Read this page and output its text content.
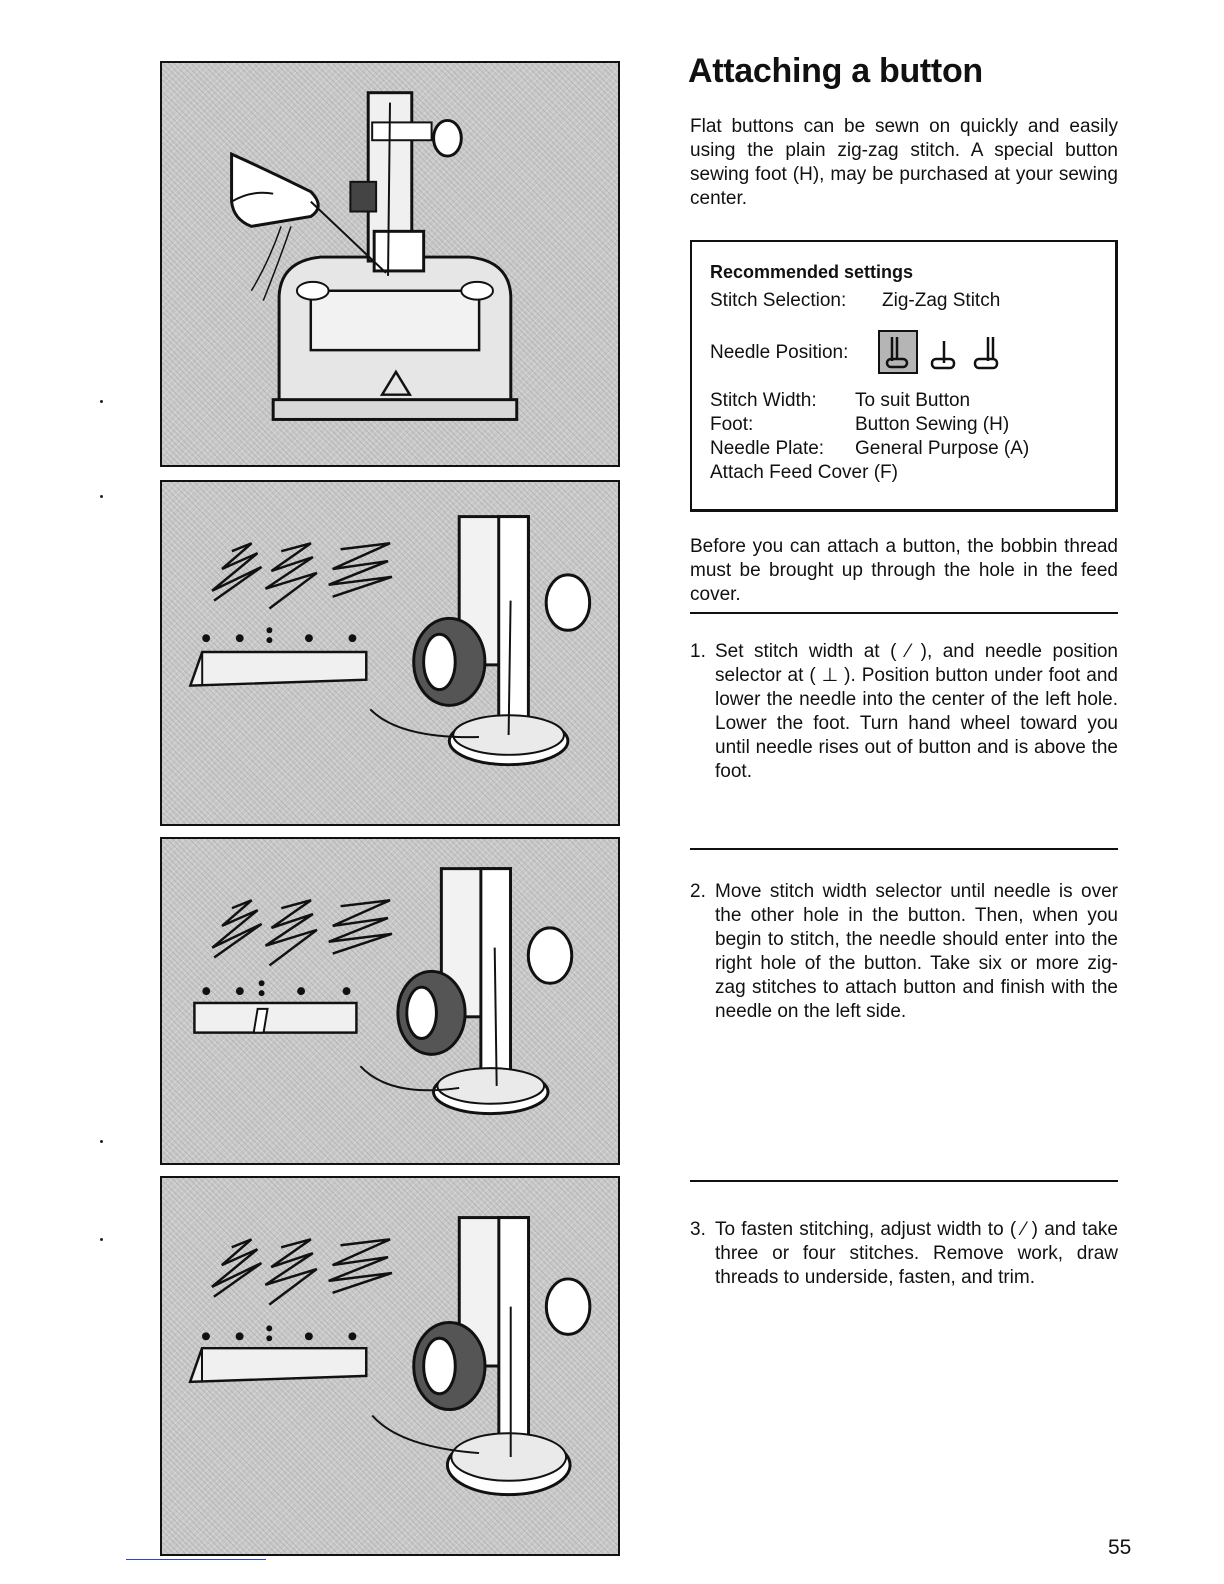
Attaching a button

Flat buttons can be sewn on quickly and easily using the plain zig-zag stitch. A special button sewing foot (H), may be purchased at your sewing center.

Recommended settings
Stitch Selection: Zig-Zag Stitch
Needle Position:
Stitch Width: To suit Button
Foot:	Button Sewing (H)
Needle Plate: General Purpose (A)
Attach Feed Cover (F)

Before you can attach a button, the bobbin thread must be brought up through the hole in the feed cover.

1. Set stitch width at ( ⁄ ), and needle position selector at ( ⊥ ). Position button under foot and lower the needle into the center of the left hole. Lower the foot. Turn hand wheel toward you until needle rises out of button and is above the foot.
2. Move stitch width selector until needle is over the other hole in the button. Then, when you begin to stitch, the needle should enter into the right hole of the button. Take six or more zig-zag stitches to attach button and finish with the needle on the left side.
3. To fasten stitching, adjust width to ( ⁄ ) and take three or four stitches. Remove work, draw threads to underside, fasten, and trim.
55
